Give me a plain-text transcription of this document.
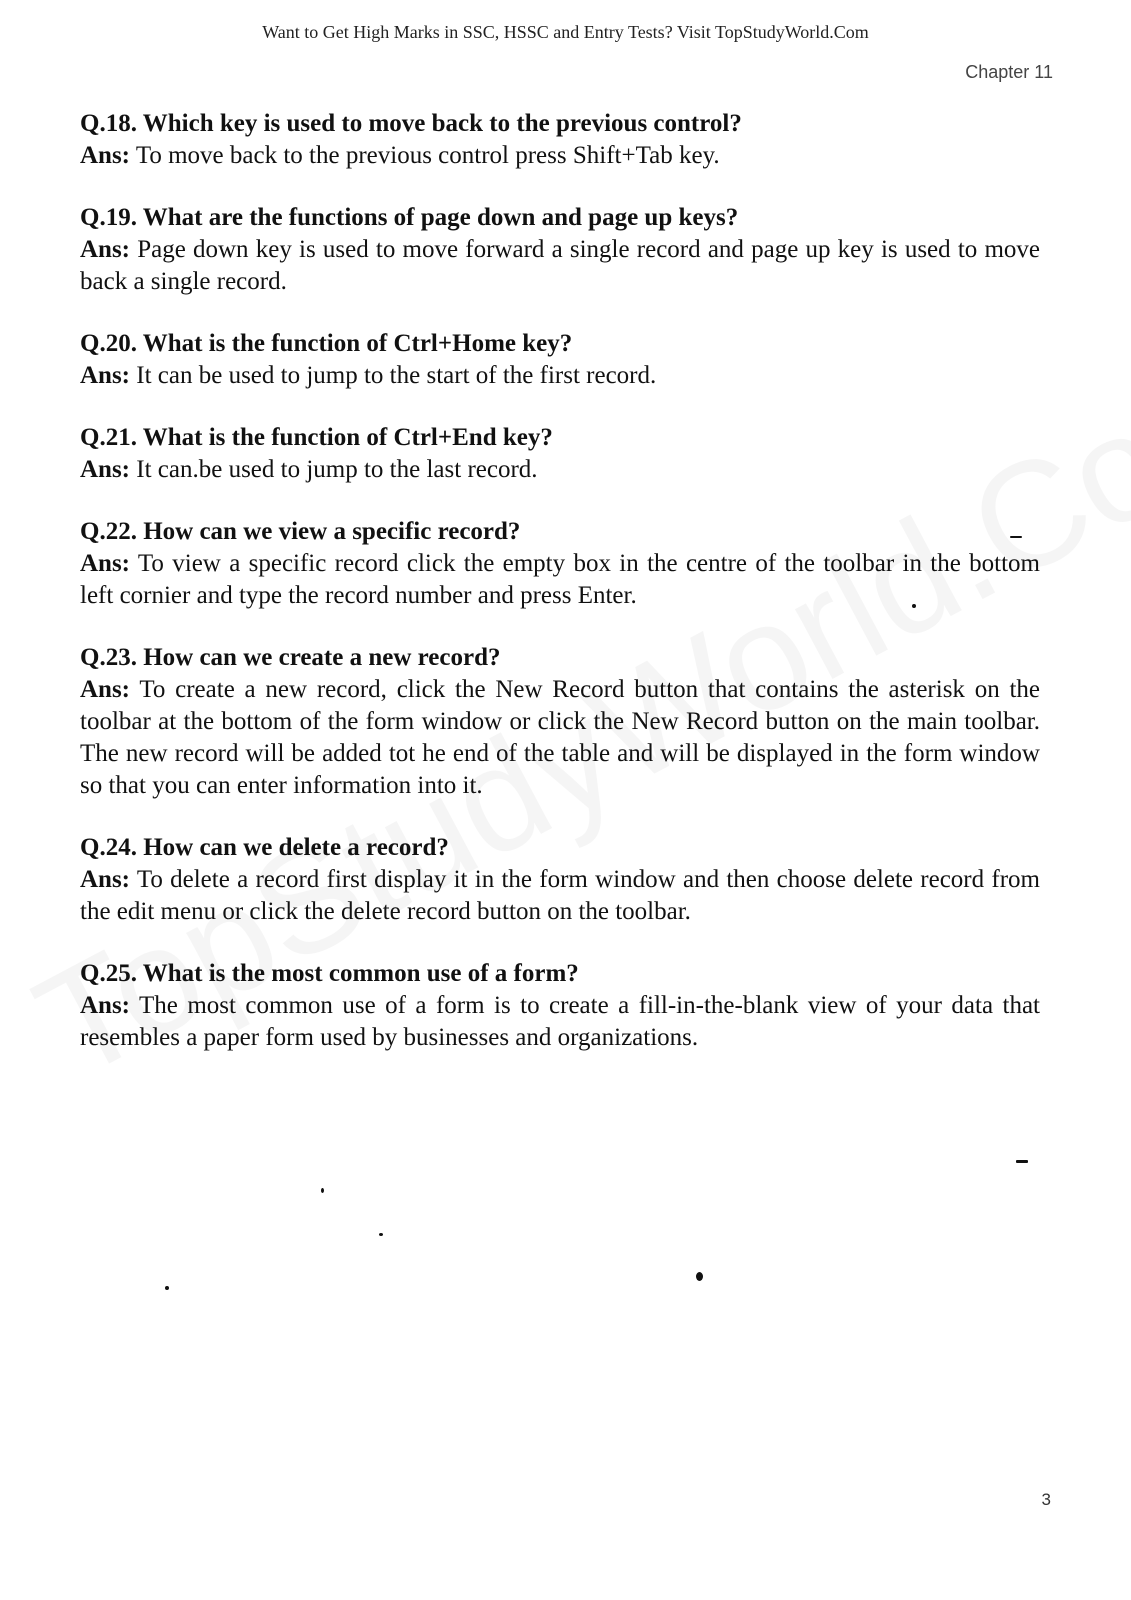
Want to Get High Marks in SSC, HSSC and Entry Tests? Visit TopStudyWorld.Com
Chapter 11
Q.18. Which key is used to move back to the previous control?
Ans: To move back to the previous control press Shift+Tab key.
Q.19. What are the functions of page down and page up keys?
Ans: Page down key is used to move forward a single record and page up key is used to move back a single record.
Q.20. What is the function of Ctrl+Home key?
Ans: It can be used to jump to the start of the first record.
Q.21. What is the function of Ctrl+End key?
Ans: It can.be used to jump to the last record.
Q.22. How can we view a specific record?
Ans: To view a specific record click the empty box in the centre of the toolbar in the bottom left cornier and type the record number and press Enter.
Q.23. How can we create a new record?
Ans: To create a new record, click the New Record button that contains the asterisk on the toolbar at the bottom of the form window or click the New Record button on the main toolbar. The new record will be added tot he end of the table and will be displayed in the form window so that you can enter information into it.
Q.24. How can we delete a record?
Ans: To delete a record first display it in the form window and then choose delete record from the edit menu or click the delete record button on the toolbar.
Q.25. What is the most common use of a form?
Ans: The most common use of a form is to create a fill-in-the-blank view of your data that resembles a paper form used by businesses and organizations.
3
